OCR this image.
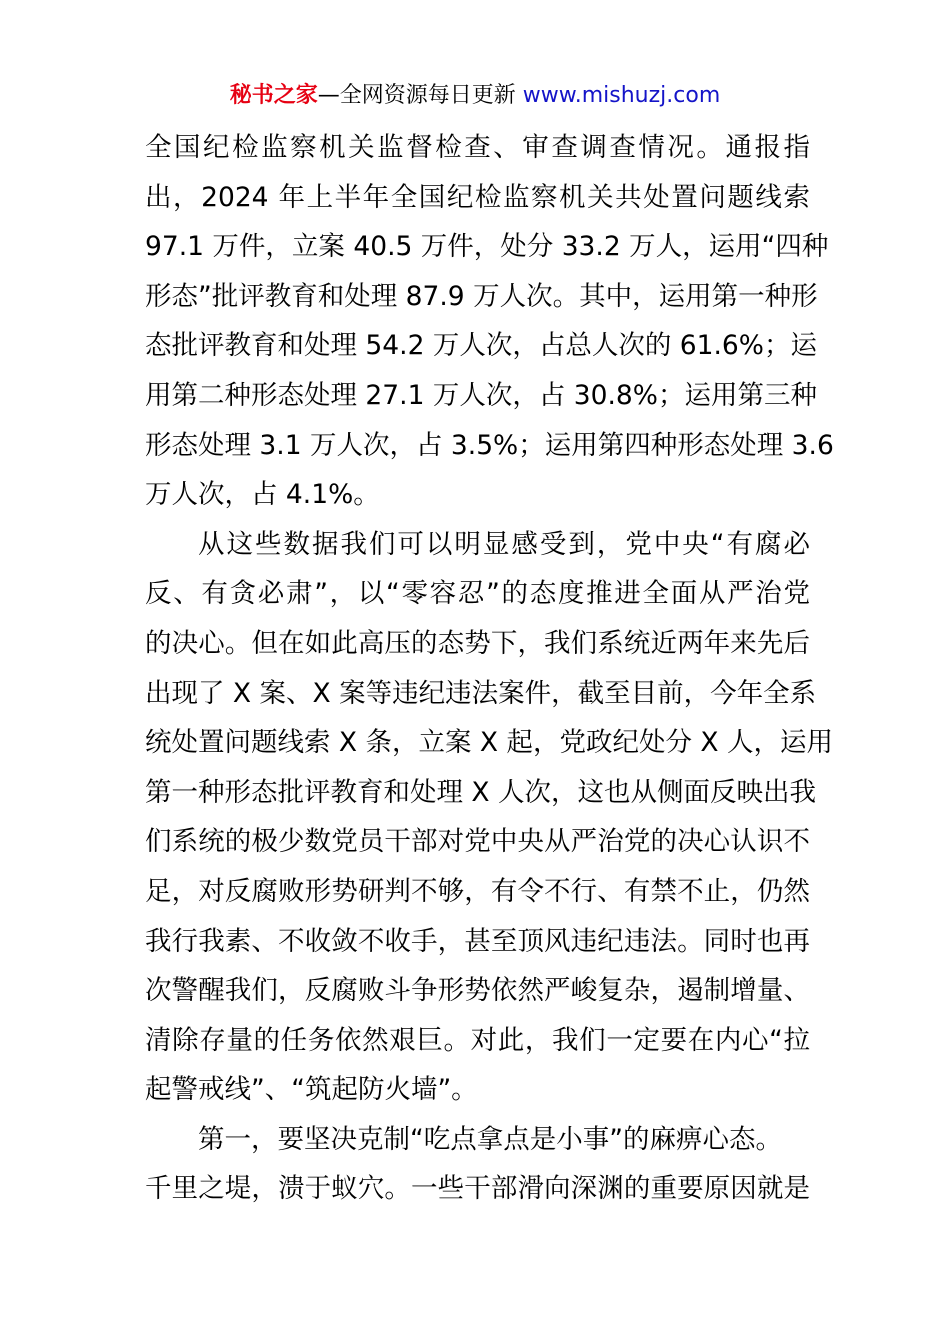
秘书之家—全网资源每日更新 www.mishuzj.com
全国纪检监察机关监督检查、审查调查情况。通报指
出，2024 年上半年全国纪检监察机关共处置问题线索
97.1 万件，立案 40.5 万件，处分 33.2 万人，运用“四种
形态”批评教育和处理 87.9 万人次。其中，运用第一种形
态批评教育和处理 54.2 万人次，占总人次的 61.6%；运
用第二种形态处理 27.1 万人次，占 30.8%；运用第三种
形态处理 3.1 万人次，占 3.5%；运用第四种形态处理 3.6
万人次，占 4.1%。
从这些数据我们可以明显感受到，党中央“有腐必
反、有贪必肃”，以“零容忍”的态度推进全面从严治党
的决心。但在如此高压的态势下，我们系统近两年来先后
出现了 X 案、X 案等违纪违法案件，截至目前，今年全系
统处置问题线索 X 条，立案 X 起，党政纪处分 X 人，运用
第一种形态批评教育和处理 X 人次，这也从侧面反映出我
们系统的极少数党员干部对党中央从严治党的决心认识不
足，对反腐败形势研判不够，有令不行、有禁不止，仍然
我行我素、不收敛不收手，甚至顶风违纪违法。同时也再
次警醒我们，反腐败斗争形势依然严峻复杂，遏制增量、
清除存量的任务依然艰巨。对此，我们一定要在内心“拉
起警戒线”、“筑起防火墙”。
第一，要坚决克制“吃点拿点是小事”的麻痹心态。
千里之堤，溃于蚁穴。一些干部滑向深渊的重要原因就是
